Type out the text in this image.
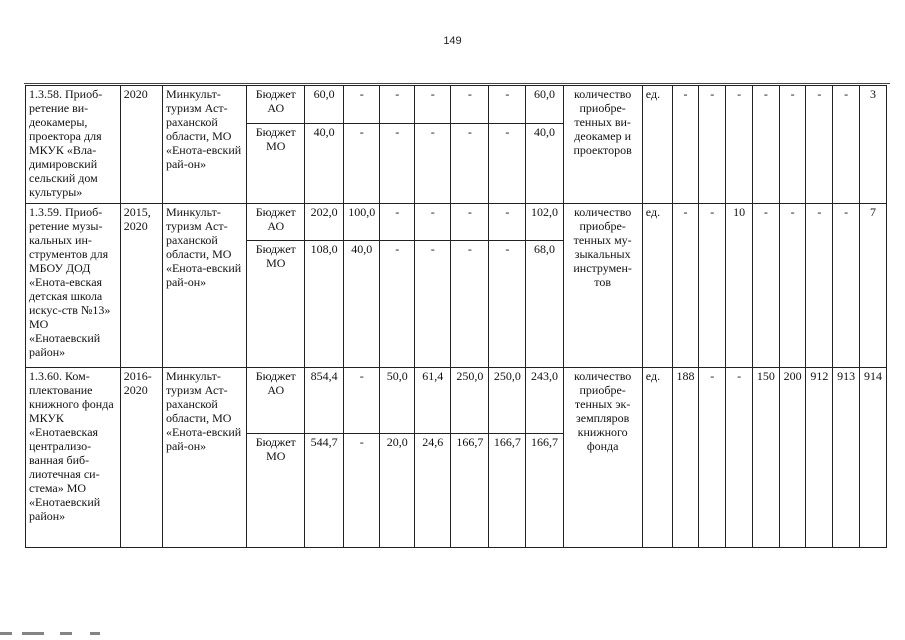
149
1.3.58. Приоб-ретение ви-деокамеры, проектора для МКУК «Вла-димировский сельский дом культуры»	2020	Минкульт-туризм Аст-раханской области, МО «Енота-евский рай-он»	Бюджет АО	60,0	-	-	-	-	-	60,0	количество приобре-тенных ви-деокамер и проекторов	ед.	-	-	-	-	-	-	-	3
			Бюджет МО	40,0	-	-	-	-	-	40,0										
1.3.59. Приоб-ретение музы-кальных ин-струментов для МБОУ ДОД «Енота-евская детская школа искус-ств №13» МО «Енотаевский район»	2015, 2020	Минкульт-туризм Аст-раханской области, МО «Енота-евский рай-он»	Бюджет АО	202,0	100,0	-	-	-	-	102,0	количество приобре-тенных му-зыкальных инструмен-тов	ед.	-	-	10	-	-	-	-	7
			Бюджет МО	108,0	40,0	-	-	-	-	68,0										
1.3.60. Ком-плектование книжного фонда МКУК «Енотаевская централизо-ванная биб-лиотечная си-стема» МО «Енотаевский район»	2016-2020	Минкульт-туризм Аст-раханской области, МО «Енота-евский рай-он»	Бюджет АО	854,4	-	50,0	61,4	250,0	250,0	243,0	количество приобре-тенных эк-земпляров книжного фонда	ед.	188	-	-	150	200	912	913	914
			Бюджет МО	544,7	-	20,0	24,6	166,7	166,7	166,7										
